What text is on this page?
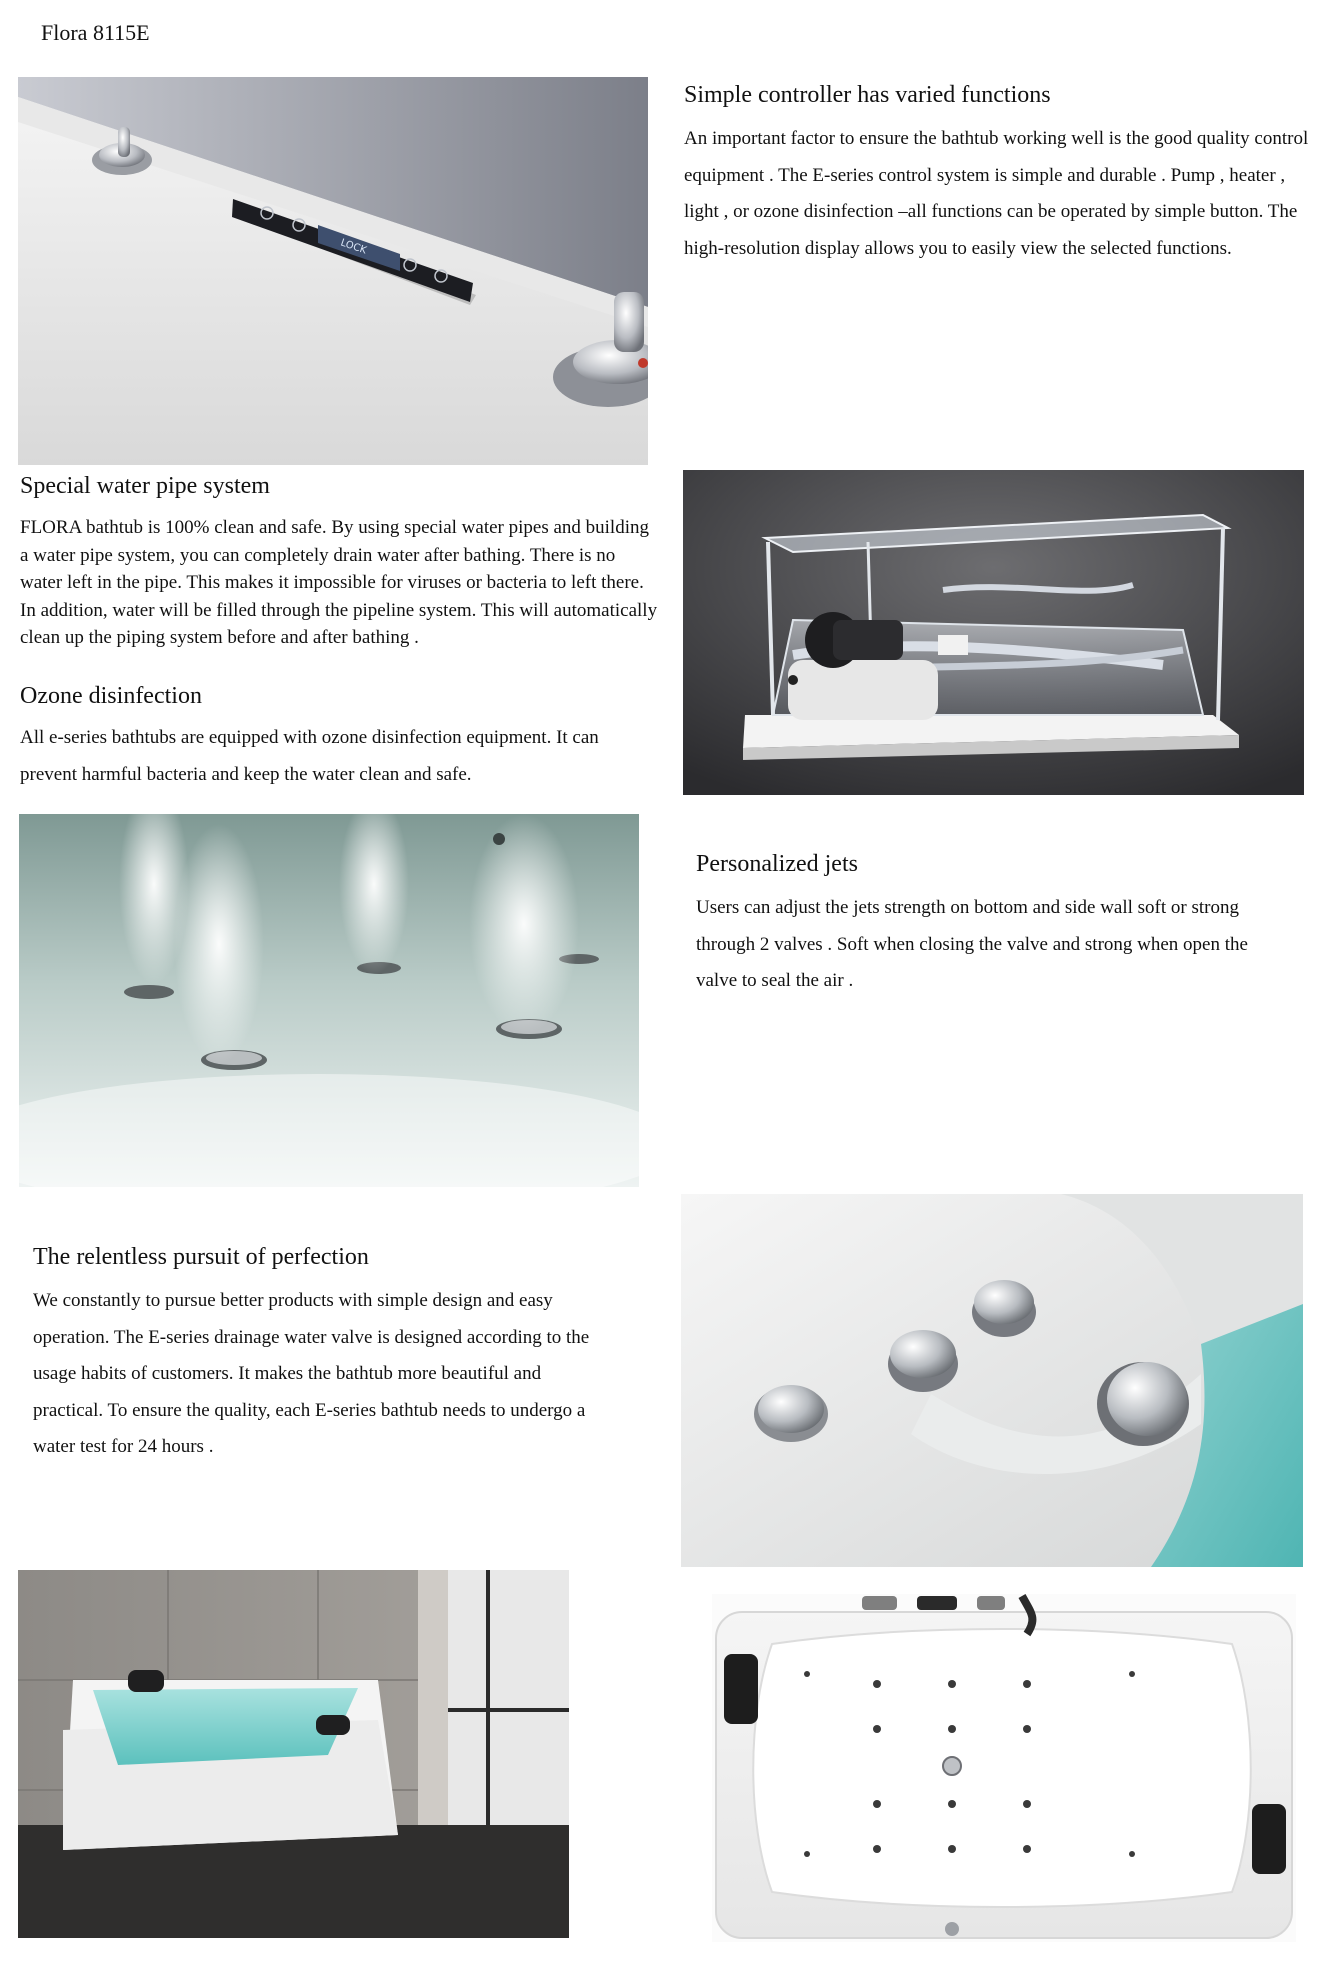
Flora 8115E
LOCK
Simple controller has varied functions
An important factor to ensure the bathtub working well is the good quality control equipment . The E-series control system is simple and durable . Pump , heater , light , or ozone disinfection –all functions can be operated by simple button. The high-resolution display allows you to easily view the selected functions.
Special water pipe system
FLORA bathtub is 100% clean and safe. By using special water pipes and building a water pipe system, you can completely drain water after bathing. There is no water left in the pipe. This makes it impossible for viruses or bacteria to left there. In addition, water will be filled through the pipeline system. This will automatically clean up the piping system before and after bathing .
Ozone disinfection
All e-series bathtubs are equipped with ozone disinfection equipment. It can prevent harmful bacteria and keep the water clean and safe.
Personalized jets
Users can adjust the jets strength on bottom and side wall soft or strong through 2 valves . Soft when closing the valve and strong when open the valve to seal the air .
The relentless pursuit of perfection
We constantly to pursue better products with simple design and easy operation. The E-series drainage water valve is designed according to the usage habits of customers. It makes the bathtub more beautiful and practical. To ensure the quality, each E-series bathtub needs to undergo a water test for 24 hours .
